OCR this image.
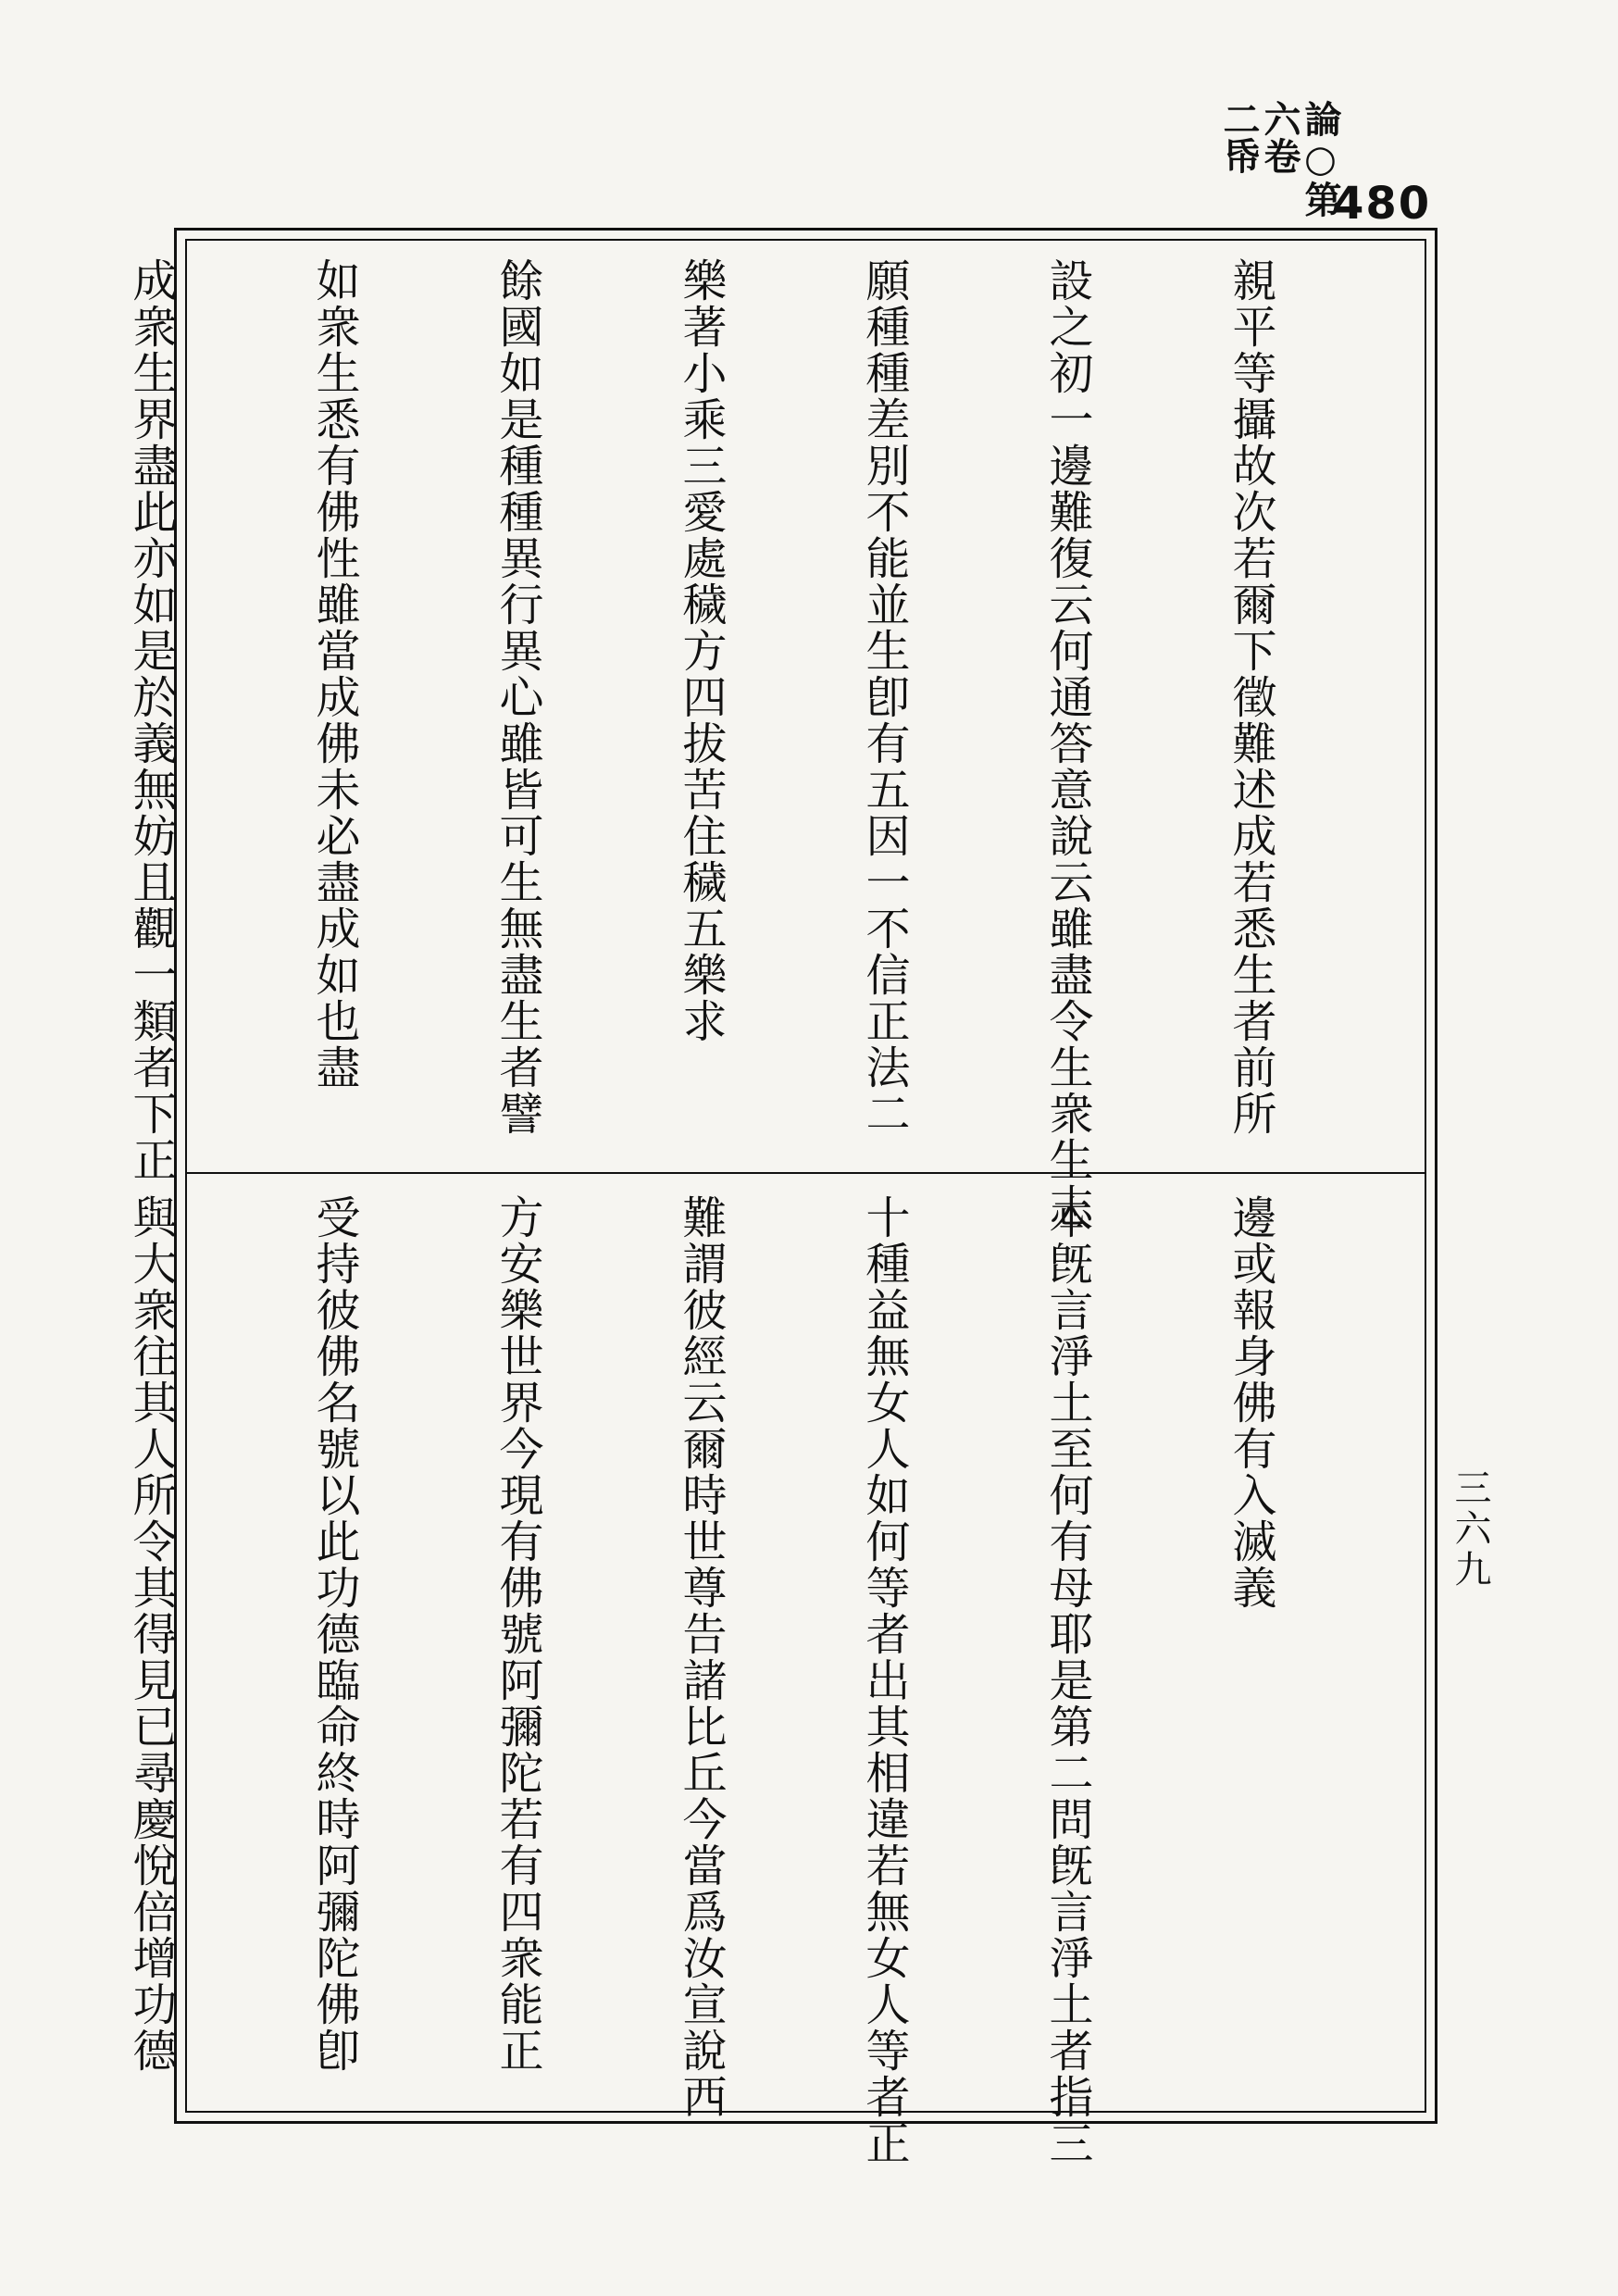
論○第六卷
二帋
480

親平等攝故次若爾下徵難述成若悉生者前所

設之初一邊難復云何通答意說云雖盡令生衆生志

願種種差別不能並生卽有五因一不信正法二

樂著小乘三愛處穢方四拔苦住穢五樂求

餘國如是種種異行異心雖皆可生無盡生者譬

如衆生悉有佛性雖當成佛未必盡成如也盡

成衆生界盡此亦如是於義無妨且觀一類者下正

邊或報身佛有入滅義

本旣言淨土至何有母耶是第二問旣言淨土者指三

十種益無女人如何等者出其相違若無女人等者正

難謂彼經云爾時世尊告諸比丘今當爲汝宣說西

方安樂世界今現有佛號阿彌陀若有四衆能正

受持彼佛名號以此功德臨命終時阿彌陀佛卽

與大衆往其人所令其得見已尋慶悅倍增功德

	三六九
